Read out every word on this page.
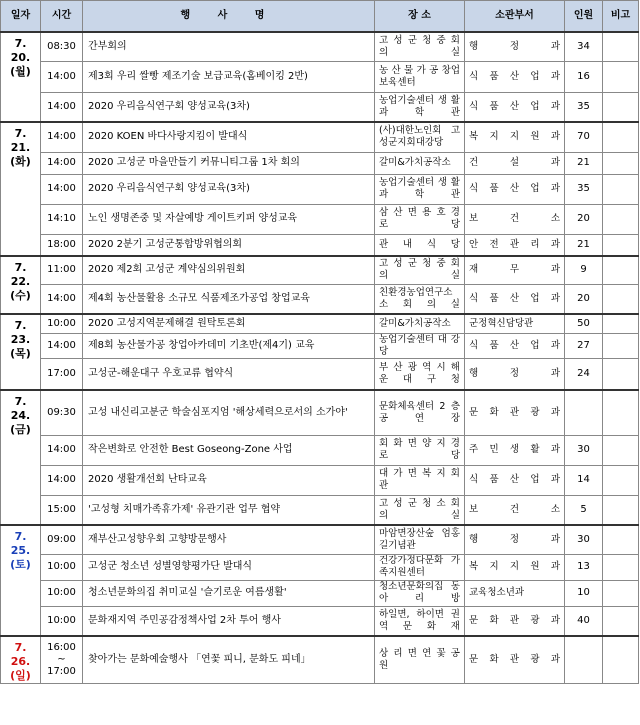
일자	시간	행 사 명	장 소	소관부서	인원	비고

7. 20.
(월)	08:30	간부회의	고 성 군 청 중 회 의 실	행 정 과	34	
	14:00	제3회 우리 쌀빵 제조기술 보급교육(홈베이킹 2반)	농 산 물 가 공 창업보육센터	식 품 산 업 과	16	
	14:00	2020 우리음식연구회 양성교육(3차)	농업기술센터 생 활 과 학 관	식 품 산 업 과	35	

7. 21.
(화)	14:00	2020 KOEN 바다사랑지킴이 발대식	(사)대한노인회 고성군지회대강당	복 지 지 원 과	70	
	14:00	2020 고성군 마을만들기 커뮤니티그룹 1차 회의	갈미&가치공작소	건 설 과	21	
	14:00	2020 우리음식연구회 양성교육(3차)	농업기술센터 생 활 과 학 관	식 품 산 업 과	35	
	14:10	노인 생명존중 및 자살예방 게이트키퍼 양성교육	삼 산 면 용 호 경 로 당	보 건 소	20	
	18:00	2020 2분기 고성군통합방위협의회	관 내 식 당	안 전 관 리 과	21	

7. 22.
(수)	11:00	2020 제2회 고성군 계약심의위원회	고 성 군 청 중 회 의 실	재 무 과	9	
	14:00	제4회 농산물활용 소규모 식품제조가공업 창업교육	친환경농업연구소 소 회 의 실	식 품 산 업 과	20	

7. 23.
(목)	10:00	2020 고성지역문제해결 원탁토론회	갈미&가치공작소	군정혁신담당관	50	
	14:00	제8회 농산물가공 창업아카데미 기초반(제4기) 교육	농업기술센터 대 강 당	식 품 산 업 과	27	
	17:00	고성군-해운대구 우호교류 협약식	부 산 광 역 시 해 운 대 구 청	행 정 과	24	

7. 24.
(금)	09:30	고성 내신리고분군 학술심포지엄 '해상세력으로서의 소가야'	문화체육센터 2 층 공 연 장	문 화 관 광 과		
	14:00	작은변화로 안전한 Best Goseong-Zone 사업	회 화 면 양 지 경 로 당	주 민 생 활 과	30	
	14:00	2020 생활개선회 난타교육	대 가 면 복 지 회 관	식 품 산 업 과	14	
	15:00	'고성형 치매가족휴가제' 유관기관 업무 협약	고 성 군 청 소 회 의 실	보 건 소	5	

7. 25.
(토)	09:00	재부산고성향우회 고향방문행사	마암면장산숲 엄홍길기념관	행 정 과	30	
	10:00	고성군 청소년 성별영향평가단 발대식	건강가정다문화 가족지원센터	복 지 지 원 과	13	
	10:00	청소년문화의집 취미교실 '슬기로운 여름생활'	청소년문화의집 동 아 리 방	교육청소년과	10	
	10:00	문화재지역 주민공감정책사업 2차 투어 행사	하일면, 하이면 권 역 문 화 재	문 화 관 광 과	40	

7. 26.
(일)	16:00 ~ 17:00	찾아가는 문화예술행사 「연꽃 피니, 문화도 피네」	상 리 면 연 꽃 공 원	문 화 관 광 과		
